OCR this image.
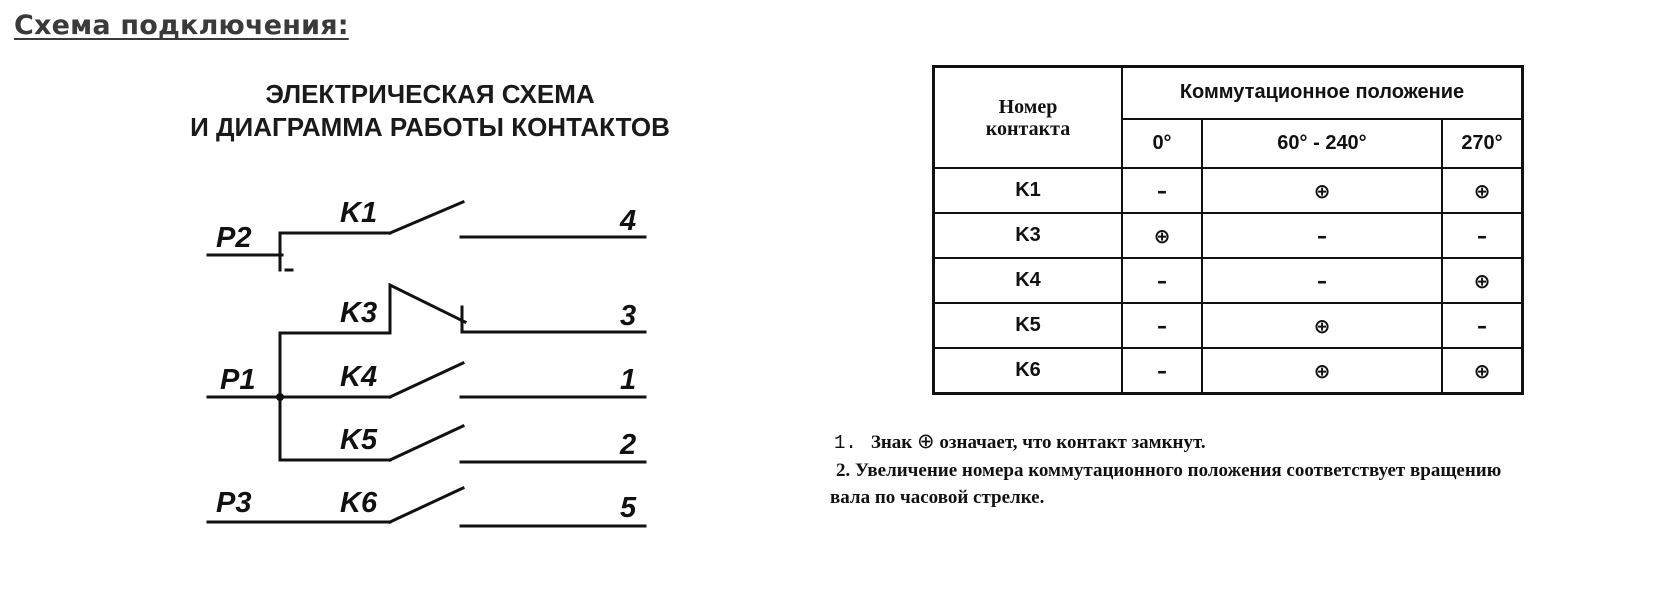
Схема подключения:
ЭЛЕКТРИЧЕСКАЯ СХЕМА
И ДИАГРАММА РАБОТЫ КОНТАКТОВ
P2
P1
P3
K1
K3
K4
K5
K6
4
3
1
2
5
Номер
контакта	Коммутационное положение		
	0°	60° - 240°	270°
K1	–	⊕	⊕
K3	⊕	–	–
K4	–	–	⊕
K5	–	⊕	–
K6	–	⊕	⊕
1. Знак ⊕ означает, что контакт замкнут.
2. Увеличение номера коммутационного положения соответствует вращению
вала по часовой стрелке.
